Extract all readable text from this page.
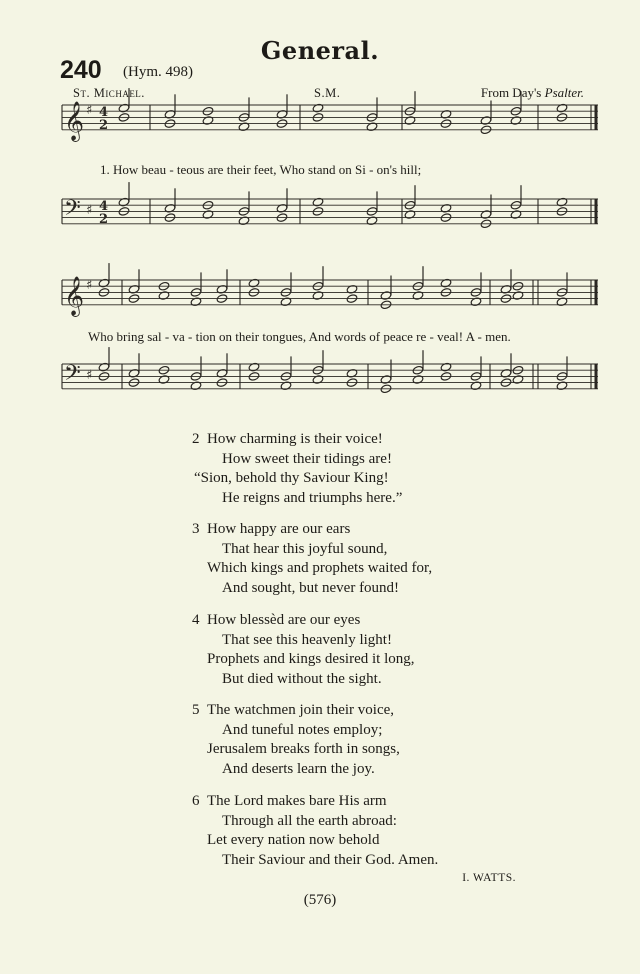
General.
240 (Hym. 498)
St. Michael.	S.M.	From Day's Psalter.
𝄞 ♯ 4
2
𝄢 ♯ 4
2
𝄞 ♯
𝄢 ♯
1. How beau - teous are their feet, Who stand on Si - on's hill;
Who bring sal - va - tion on their tongues, And words of peace re - veal! A - men.
2 How charming is their voice!
How sweet their tidings are!
“Sion, behold thy Saviour King!
He reigns and triumphs here.”
3 How happy are our ears
That hear this joyful sound,
Which kings and prophets waited for,
And sought, but never found!
4 How blessèd are our eyes
That see this heavenly light!
Prophets and kings desired it long,
But died without the sight.
5 The watchmen join their voice,
And tuneful notes employ;
Jerusalem breaks forth in songs,
And deserts learn the joy.
6 The Lord makes bare His arm
Through all the earth abroad:
Let every nation now behold
Their Saviour and their God. Amen.
I. WATTS.
(576)
